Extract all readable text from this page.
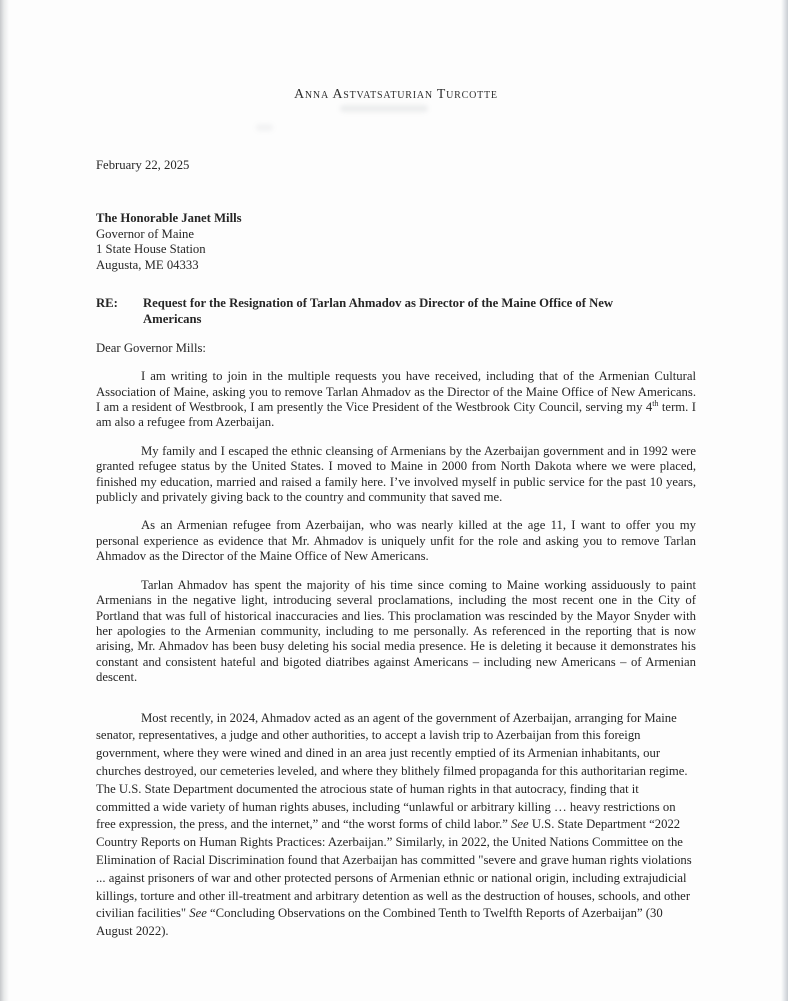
Anna Astvatsaturian Turcotte
February 22, 2025
The Honorable Janet Mills
Governor of Maine
1 State House Station
Augusta, ME 04333
RE:	Request for the Resignation of Tarlan Ahmadov as Director of the Maine Office of New Americans
Dear Governor Mills:

I am writing to join in the multiple requests you have received, including that of the Armenian Cultural Association of Maine, asking you to remove Tarlan Ahmadov as the Director of the Maine Office of New Americans. I am a resident of Westbrook, I am presently the Vice President of the Westbrook City Council, serving my 4th term. I am also a refugee from Azerbaijan.

My family and I escaped the ethnic cleansing of Armenians by the Azerbaijan government and in 1992 were granted refugee status by the United States. I moved to Maine in 2000 from North Dakota where we were placed, finished my education, married and raised a family here. I’ve involved myself in public service for the past 10 years, publicly and privately giving back to the country and community that saved me.

As an Armenian refugee from Azerbaijan, who was nearly killed at the age 11, I want to offer you my personal experience as evidence that Mr. Ahmadov is uniquely unfit for the role and asking you to remove Tarlan Ahmadov as the Director of the Maine Office of New Americans.

Tarlan Ahmadov has spent the majority of his time since coming to Maine working assiduously to paint Armenians in the negative light, introducing several proclamations, including the most recent one in the City of Portland that was full of historical inaccuracies and lies. This proclamation was rescinded by the Mayor Snyder with her apologies to the Armenian community, including to me personally. As referenced in the reporting that is now arising, Mr. Ahmadov has been busy deleting his social media presence. He is deleting it because it demonstrates his constant and consistent hateful and bigoted diatribes against Americans – including new Americans – of Armenian descent.

Most recently, in 2024, Ahmadov acted as an agent of the government of Azerbaijan, arranging for Maine senator, representatives, a judge and other authorities, to accept a lavish trip to Azerbaijan from this foreign government, where they were wined and dined in an area just recently emptied of its Armenian inhabitants, our churches destroyed, our cemeteries leveled, and where they blithely filmed propaganda for this authoritarian regime. The U.S. State Department documented the atrocious state of human rights in that autocracy, finding that it committed a wide variety of human rights abuses, including “unlawful or arbitrary killing … heavy restrictions on free expression, the press, and the internet,” and “the worst forms of child labor.” See U.S. State Department “2022 Country Reports on Human Rights Practices: Azerbaijan.” Similarly, in 2022, the United Nations Committee on the Elimination of Racial Discrimination found that Azerbaijan has committed "severe and grave human rights violations ... against prisoners of war and other protected persons of Armenian ethnic or national origin, including extrajudicial killings, torture and other ill-treatment and arbitrary detention as well as the destruction of houses, schools, and other civilian facilities" See “Concluding Observations on the Combined Tenth to Twelfth Reports of Azerbaijan” (30 August 2022).
